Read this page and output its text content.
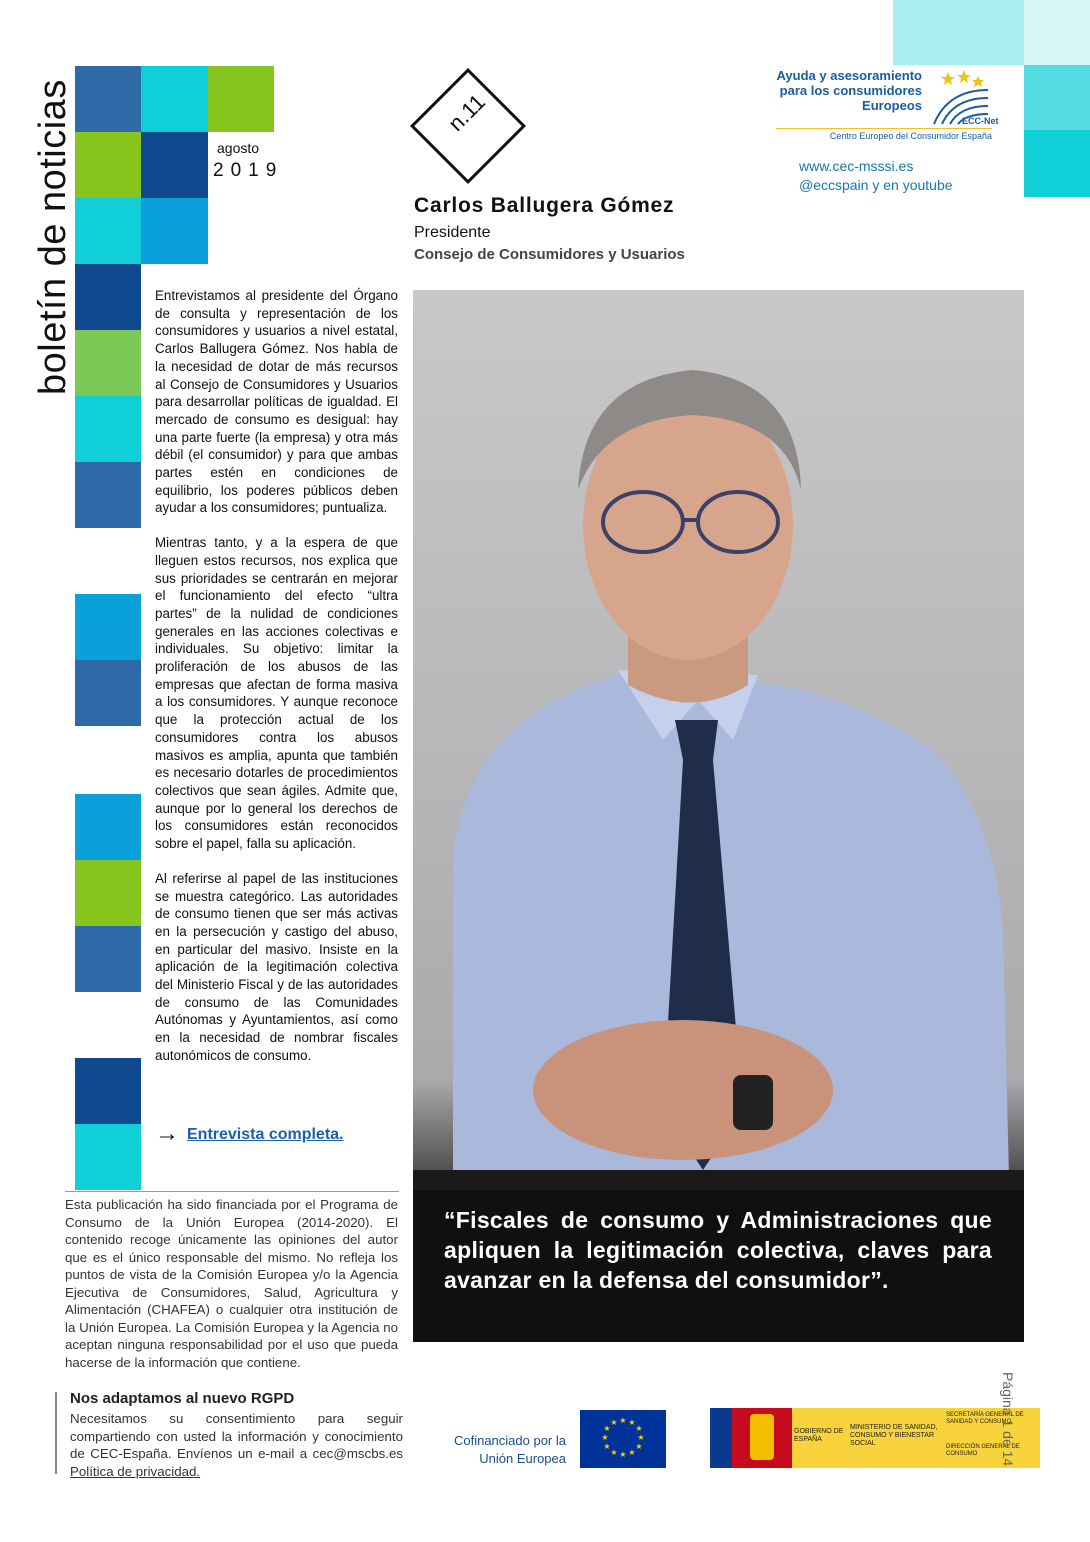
boletín de noticias	agosto
2019
n.11
Carlos Ballugera Gómez
Presidente
Consejo de Consumidores y Usuarios
Ayuda y asesoramiento
para los consumidores
Europeos
ECC-Net
Centro Europeo del Consumidor España
www.cec-msssi.es
@eccspain y en youtube

Entrevistamos al presidente del Órgano de consulta y representación de los consumidores y usuarios a nivel estatal, Carlos Ballugera Gómez. Nos habla de la necesidad de dotar de más recursos al Consejo de Consumidores y Usuarios para desarrollar políticas de igualdad. El mercado de consumo es desigual: hay una parte fuerte (la empresa) y otra más débil (el consumidor) y para que ambas partes estén en condiciones de equilibrio, los poderes públicos deben ayudar a los consumidores; puntualiza.

Mientras tanto, y a la espera de que lleguen estos recursos, nos explica que sus prioridades se centrarán en mejorar el funcionamiento del efecto “ultra partes” de la nulidad de condiciones generales en las acciones colectivas e individuales. Su objetivo: limitar la proliferación de los abusos de las empresas que afectan de forma masiva a los consumidores. Y aunque reconoce que la protección actual de los consumidores contra los abusos masivos es amplia, apunta que también es necesario dotarles de procedimientos colectivos que sean ágiles. Admite que, aunque por lo general los derechos de los consumidores están reconocidos sobre el papel, falla su aplicación.

Al referirse al papel de las instituciones se muestra categórico. Las autoridades de consumo tienen que ser más activas en la persecución y castigo del abuso, en particular del masivo. Insiste en la aplicación de la legitimación colectiva del Ministerio Fiscal y de las autoridades de consumo de las Comunidades Autónomas y Ayuntamientos, así como en la necesidad de nombrar fiscales autonómicos de consumo.

→ Entrevista completa.
“Fiscales de consumo y Administraciones que apliquen la legitimación colectiva, claves para avanzar en la defensa del consumidor”.
Esta publicación ha sido financiada por el Programa de Consumo de la Unión Europea (2014-2020). El contenido recoge únicamente las opiniones del autor que es el único responsable del mismo. No refleja los puntos de vista de la Comisión Europea y/o la Agencia Ejecutiva de Consumidores, Salud, Agricultura y Alimentación (CHAFEA) o cualquier otra institución de la Unión Europea. La Comisión Europea y la Agencia no aceptan ninguna responsabilidad por el uso que pueda hacerse de la información que contiene.
Nos adaptamos al nuevo RGPD
Necesitamos su consentimiento para seguir compartiendo con usted la información y conocimiento de CEC-España. Envíenos un e-mail a cec@mscbs.es Política de privacidad.
Cofinanciado por la Unión Europea
★ ★
★
★
★
★
★
★
★
★
★
★
GOBIERNO DE ESPAÑA
MINISTERIO DE SANIDAD, CONSUMO Y BIENESTAR SOCIAL
SECRETARÍA GENERAL DE SANIDAD Y CONSUMO
DIRECCIÓN GENERAL DE CONSUMO	Página 1 de 14
